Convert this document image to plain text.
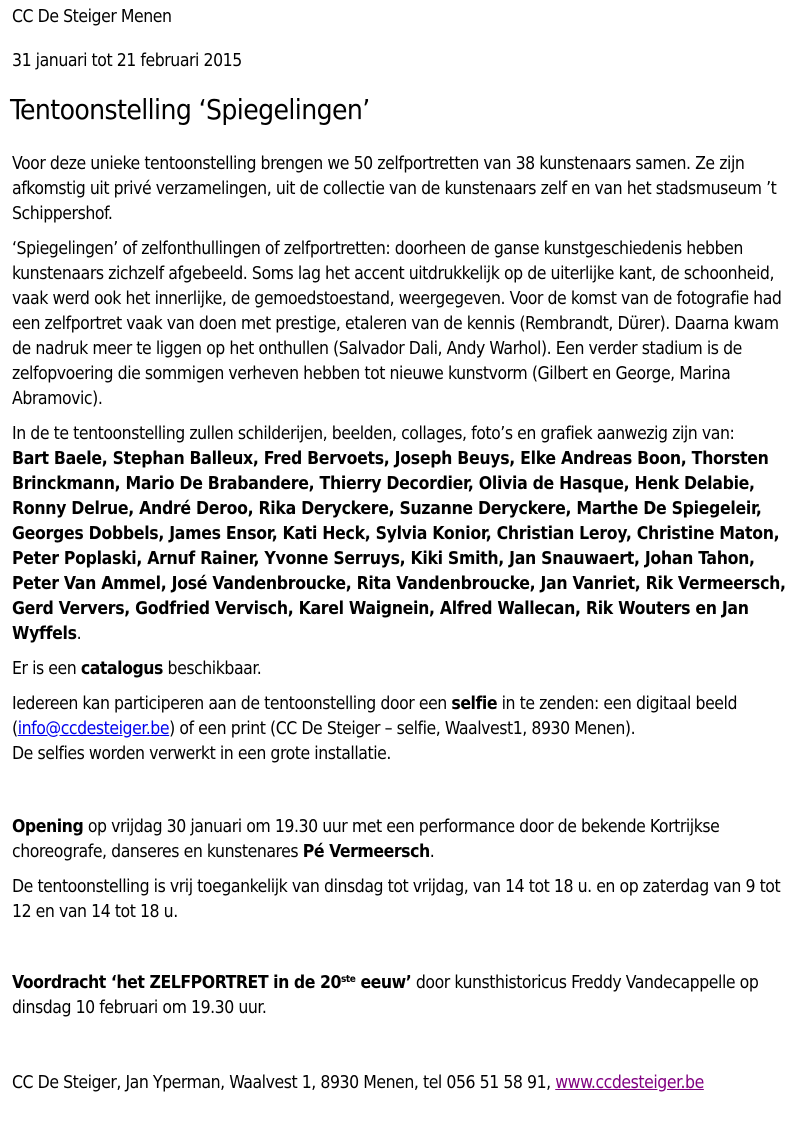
CC De Steiger Menen
31 januari tot 21 februari 2015
Tentoonstelling ‘Spiegelingen’

Voor deze unieke tentoonstelling brengen we 50 zelfportretten van 38 kunstenaars samen. Ze zijn afkomstig uit privé verzamelingen, uit de collectie van de kunstenaars zelf en van het stadsmuseum ’t Schippershof.

‘Spiegelingen’ of zelfonthullingen of zelfportretten: doorheen de ganse kunstgeschiedenis hebben kunstenaars zichzelf afgebeeld. Soms lag het accent uitdrukkelijk op de uiterlijke kant, de schoonheid, vaak werd ook het innerlijke, de gemoedstoestand, weergegeven. Voor de komst van de fotografie had een zelfportret vaak van doen met prestige, etaleren van de kennis (Rembrandt, Dürer). Daarna kwam de nadruk meer te liggen op het onthullen (Salvador Dali, Andy Warhol). Een verder stadium is de zelfopvoering die sommigen verheven hebben tot nieuwe kunstvorm (Gilbert en George, Marina Abramovic).

In de te tentoonstelling zullen schilderijen, beelden, collages, foto’s en grafiek aanwezig zijn van:
Bart Baele, Stephan Balleux, Fred Bervoets, Joseph Beuys, Elke Andreas Boon, Thorsten Brinckmann, Mario De Brabandere, Thierry Decordier, Olivia de Hasque, Henk Delabie, Ronny Delrue, André Deroo, Rika Deryckere, Suzanne Deryckere, Marthe De Spiegeleir, Georges Dobbels, James Ensor, Kati Heck, Sylvia Konior, Christian Leroy, Christine Maton, Peter Poplaski, Arnuf Rainer, Yvonne Serruys, Kiki Smith, Jan Snauwaert, Johan Tahon, Peter Van Ammel, José Vandenbroucke, Rita Vandenbroucke, Jan Vanriet, Rik Vermeersch, Gerd Ververs, Godfried Vervisch, Karel Waignein, Alfred Wallecan, Rik Wouters en Jan Wyffels.

Er is een catalogus beschikbaar.

Iedereen kan participeren aan de tentoonstelling door een selfie in te zenden: een digitaal beeld (info@ccdesteiger.be) of een print (CC De Steiger – selfie, Waalvest1, 8930 Menen).
De selfies worden verwerkt in een grote installatie.

Opening op vrijdag 30 januari om 19.30 uur met een performance door de bekende Kortrijkse choreografe, danseres en kunstenares Pé Vermeersch.

De tentoonstelling is vrij toegankelijk van dinsdag tot vrijdag, van 14 tot 18 u. en op zaterdag van 9 tot 12 en van 14 tot 18 u.

Voordracht ‘het ZELFPORTRET in de 20ste eeuw’ door kunsthistoricus Freddy Vandecappelle op dinsdag 10 februari om 19.30 uur.

CC De Steiger, Jan Yperman, Waalvest 1, 8930 Menen, tel 056 51 58 91, www.ccdesteiger.be
